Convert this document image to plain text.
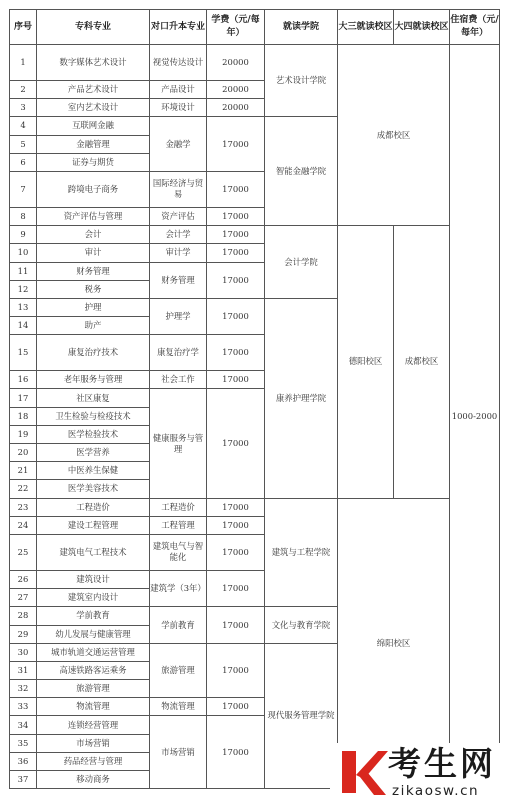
序号	专科专业	对口升本专业	学费（元/每年）	就读学院	大三就读校区	大四就读校区	住宿费（元/每年）
1	数字媒体艺术设计	视觉传达设计	20000	艺术设计学院	成都校区		1000-2000
2	产品艺术设计	产品设计	20000				
3	室内艺术设计	环境设计	20000				
4	互联网金融	金融学	17000	智能金融学院			
5	金融管理						
6	证券与期货						
7	跨境电子商务	国际经济与贸易	17000				
8	资产评估与管理	资产评估	17000				
9	会计	会计学	17000	会计学院	德阳校区	成都校区	
10	审计	审计学	17000				
11	财务管理	财务管理	17000				
12	税务						
13	护理	护理学	17000	康养护理学院			
14	助产						
15	康复治疗技术	康复治疗学	17000				
16	老年服务与管理	社会工作	17000				
17	社区康复	健康服务与管理	17000				
18	卫生检验与检疫技术						
19	医学检验技术						
20	医学营养						
21	中医养生保健						
22	医学美容技术						
23	工程造价	工程造价	17000	建筑与工程学院	绵阳校区		
24	建设工程管理	工程管理	17000				
25	建筑电气工程技术	建筑电气与智能化	17000				
26	建筑设计	建筑学（3年）	17000				
27	建筑室内设计						
28	学前教育	学前教育	17000	文化与教育学院			
29	幼儿发展与健康管理						
30	城市轨道交通运营管理	旅游管理	17000	现代服务管理学院			
31	高速铁路客运乘务						
32	旅游管理						
33	物流管理	物流管理	17000				
34	连锁经营管理	市场营销	17000				
35	市场营销						
36	药品经营与管理						
37	移动商务							考生网
zikaosw.cn
